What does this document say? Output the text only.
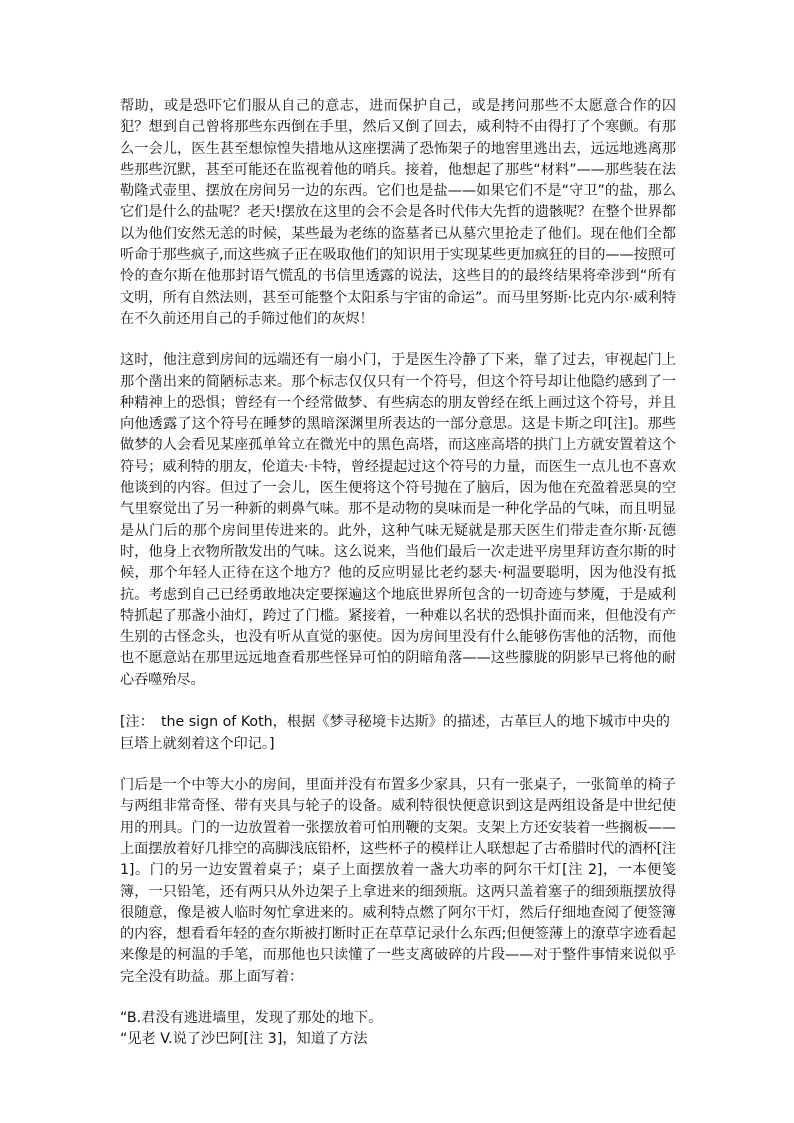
帮助，或是恐吓它们服从自己的意志，进而保护自己，或是拷问那些不太愿意合作的囚犯？想到自己曾将那些东西倒在手里，然后又倒了回去，威利特不由得打了个寒颤。有那么一会儿，医生甚至想惊惶失措地从这座摆满了恐怖架子的地窖里逃出去，远远地逃离那些那些沉默，甚至可能还在监视着他的哨兵。接着，他想起了那些“材料”——那些装在法勒隆式壶里、摆放在房间另一边的东西。它们也是盐——如果它们不是“守卫”的盐，那么它们是什么的盐呢？老天!摆放在这里的会不会是各时代伟大先哲的遗骸呢？在整个世界都以为他们安然无恙的时候，某些最为老练的盗墓者已从墓穴里抢走了他们。现在他们全都听命于那些疯子,而这些疯子正在吸取他们的知识用于实现某些更加疯狂的目的——按照可怜的查尔斯在他那封语气慌乱的书信里透露的说法，这些目的的最终结果将牵涉到“所有文明，所有自然法则，甚至可能整个太阳系与宇宙的命运”。而马里努斯·比克内尔·威利特在不久前还用自己的手筛过他们的灰烬！

这时，他注意到房间的远端还有一扇小门，于是医生冷静了下来，靠了过去，审视起门上那个凿出来的简陋标志来。那个标志仅仅只有一个符号，但这个符号却让他隐约感到了一种精神上的恐惧；曾经有一个经常做梦、有些病态的朋友曾经在纸上画过这个符号，并且向他透露了这个符号在睡梦的黑暗深渊里所表达的一部分意思。这是卡斯之印[注]。那些做梦的人会看见某座孤单耸立在微光中的黑色高塔，而这座高塔的拱门上方就安置着这个符号；威利特的朋友，伦道夫·卡特，曾经提起过这个符号的力量，而医生一点儿也不喜欢他谈到的内容。但过了一会儿，医生便将这个符号抛在了脑后，因为他在充盈着恶臭的空气里察觉出了另一种新的刺鼻气味。那不是动物的臭味而是一种化学品的气味，而且明显是从门后的那个房间里传进来的。此外，这种气味无疑就是那天医生们带走查尔斯·瓦德时，他身上衣物所散发出的气味。这么说来，当他们最后一次走进平房里拜访查尔斯的时候，那个年轻人正待在这个地方？他的反应明显比老约瑟夫·柯温要聪明，因为他没有抵抗。考虑到自己已经勇敢地决定要探遍这个地底世界所包含的一切奇迹与梦魇，于是威利特抓起了那盏小油灯，跨过了门槛。紧接着，一种难以名状的恐惧扑面而来，但他没有产生别的古怪念头，也没有听从直觉的驱使。因为房间里没有什么能够伤害他的活物，而他也不愿意站在那里远远地查看那些怪异可怕的阴暗角落——这些朦胧的阴影早已将他的耐心吞噬殆尽。

[注：　the sign of Koth，根据《梦寻秘境卡达斯》的描述，古革巨人的地下城市中央的巨塔上就刻着这个印记。]

门后是一个中等大小的房间，里面并没有布置多少家具，只有一张桌子，一张简单的椅子与两组非常奇怪、带有夹具与轮子的设备。威利特很快便意识到这是两组设备是中世纪使用的刑具。门的一边放置着一张摆放着可怕刑鞭的支架。支架上方还安装着一些搁板——上面摆放着好几排空的高脚浅底铅杯，这些杯子的模样让人联想起了古希腊时代的酒杯[注 1]。门的另一边安置着桌子；桌子上面摆放着一盏大功率的阿尔干灯[注 2]，一本便笺簿，一只铅笔，还有两只从外边架子上拿进来的细颈瓶。这两只盖着塞子的细颈瓶摆放得很随意，像是被人临时匆忙拿进来的。威利特点燃了阿尔干灯，然后仔细地查阅了便签簿的内容，想看看年轻的查尔斯被打断时正在草草记录什么东西;但便签薄上的潦草字迹看起来像是的柯温的手笔，而那他也只读懂了一些支离破碎的片段——对于整件事情来说似乎完全没有助益。那上面写着：

“B.君没有逃进墙里，发现了那处的地下。

“见老 V.说了沙巴阿[注 3]，知道了方法
